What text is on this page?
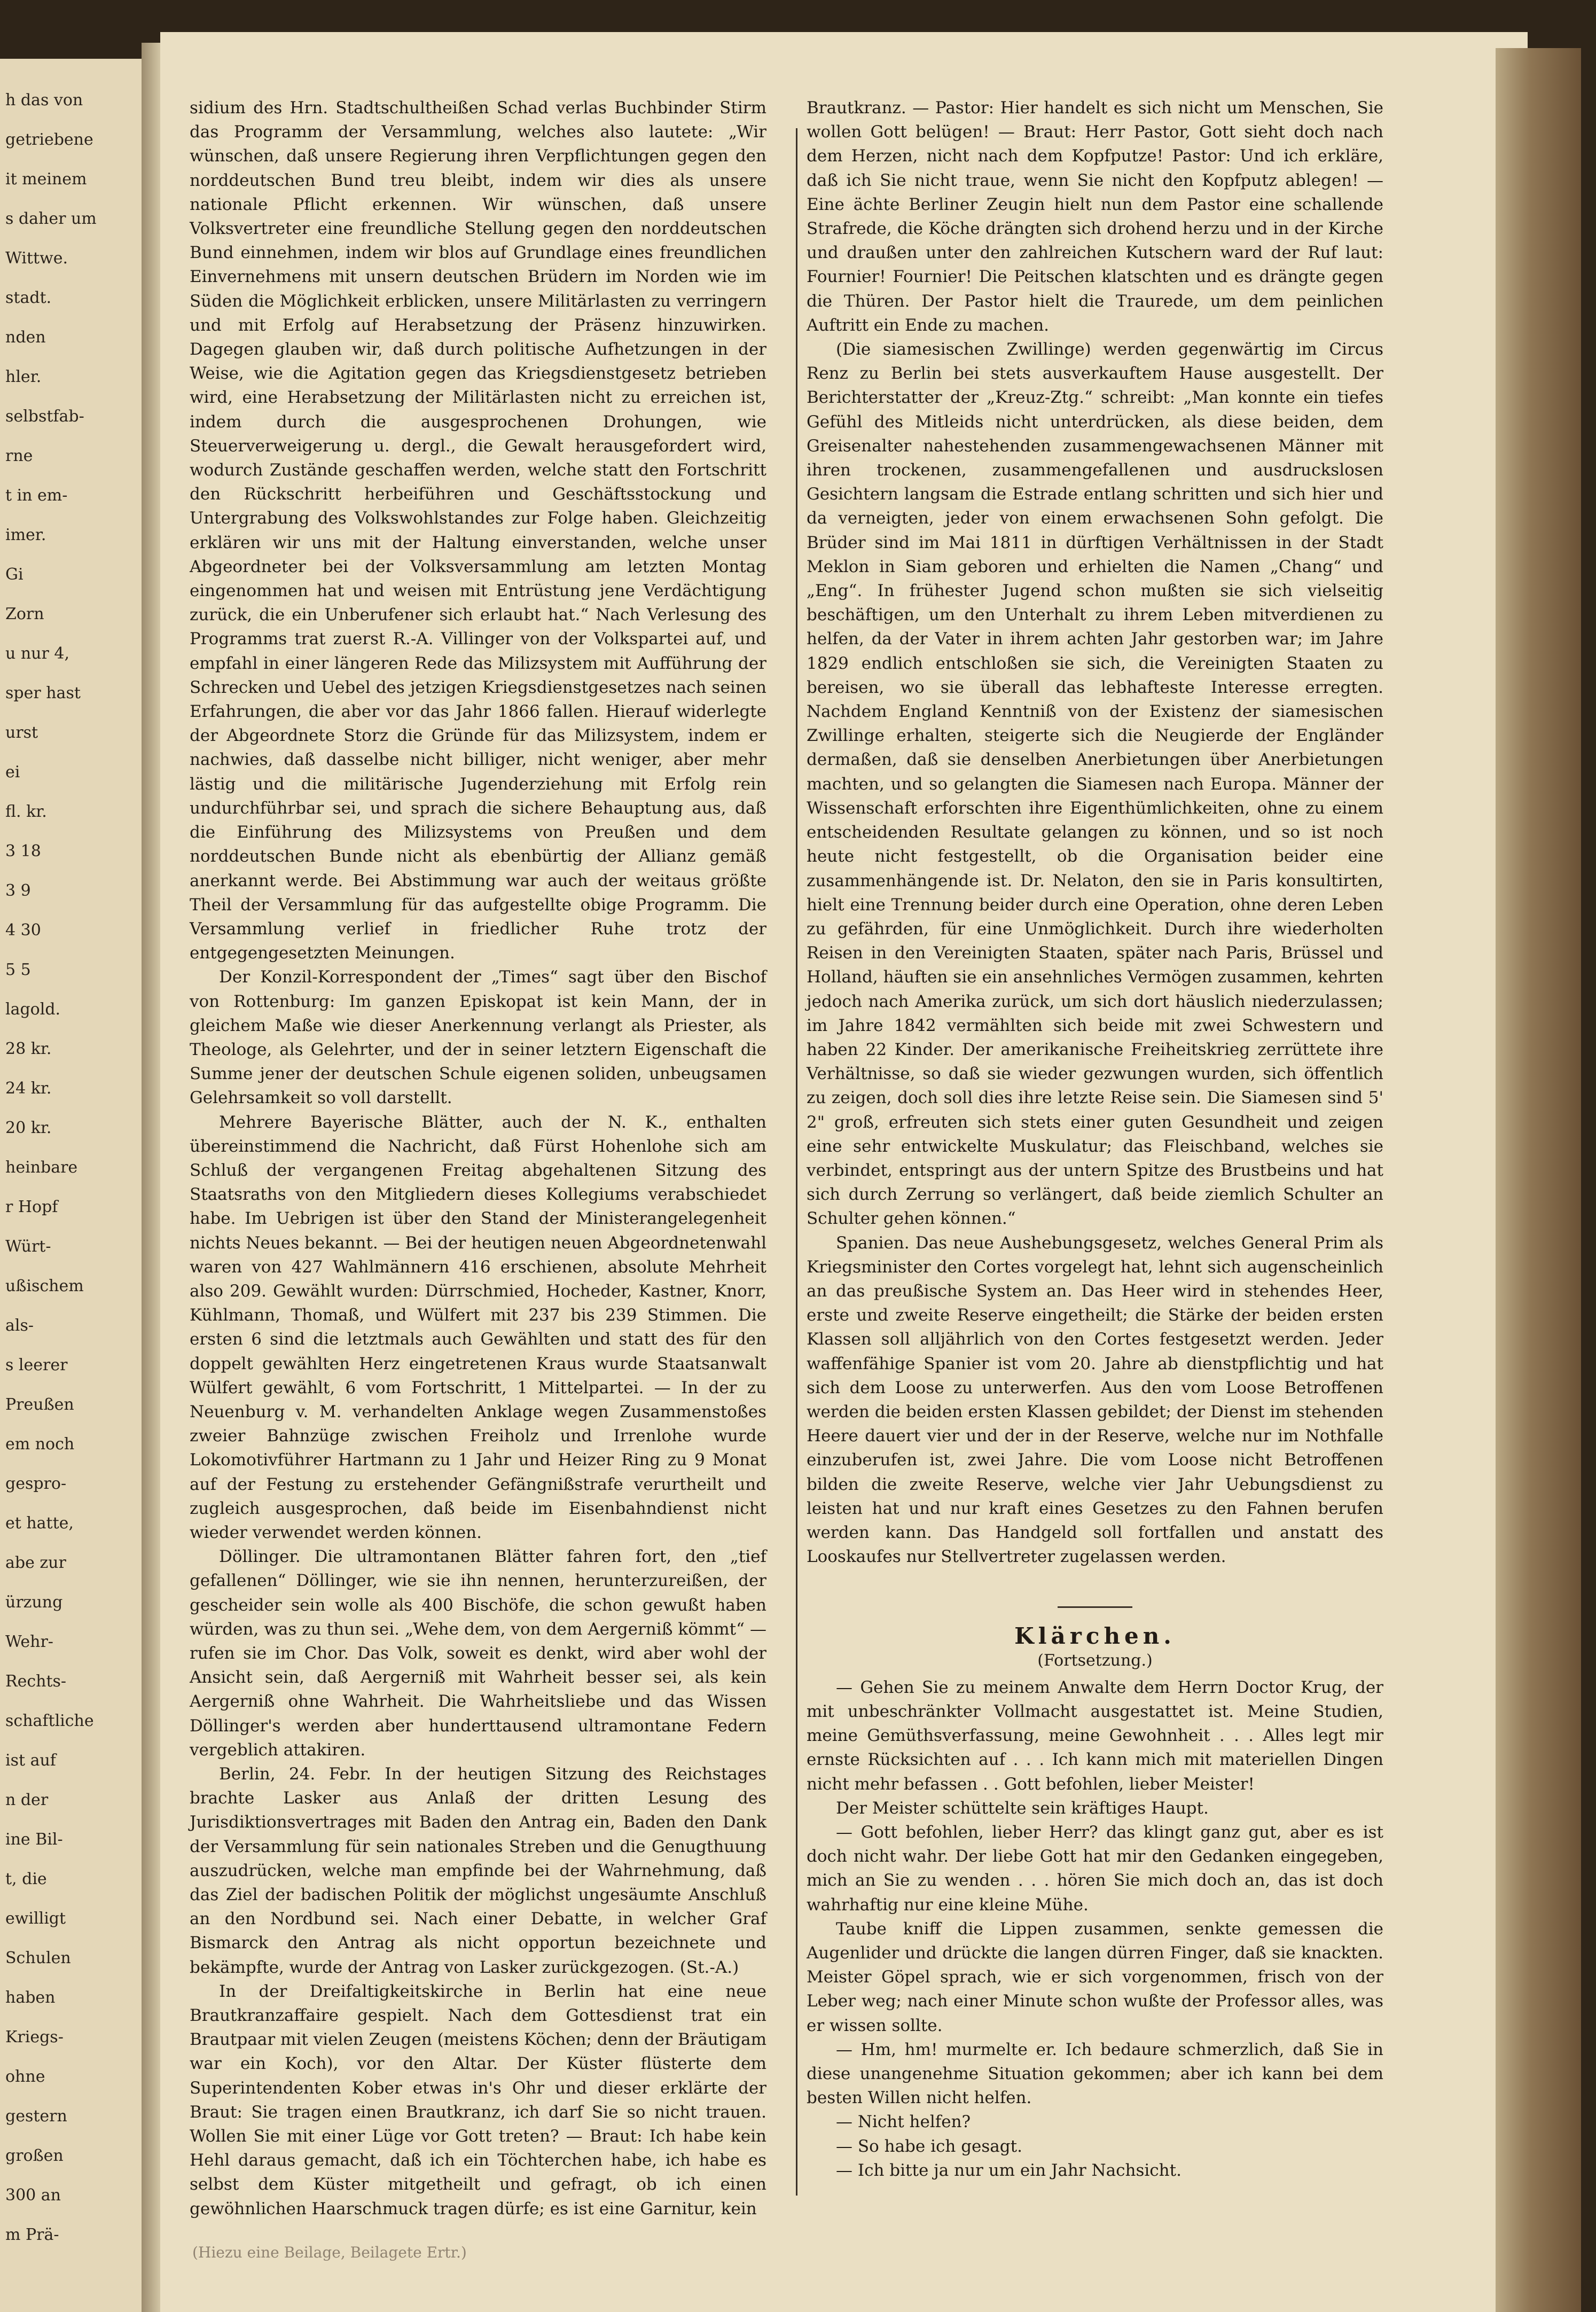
h das von
getriebene
it meinem
s daher um
Wittwe.
stadt.
nden
hler.
selbstfab-
rne
t in em-
imer.
Gi
Zorn
u nur 4,
sper hast
urst
ei
fl. kr.
3 18
3 9
4 30
5 5
lagold.
28 kr.
24 kr.
20 kr.
heinbare
r Hopf
Würt-
ußischem
als-
s leerer
Preußen
em noch
gespro-
et hatte,
abe zur
ürzung
Wehr-
Rechts-
schaftliche
ist auf
n der
ine Bil-
t, die
ewilligt
Schulen
haben
Kriegs-
ohne
gestern
großen
300 an
m Prä-

sidium des Hrn. Stadtschultheißen Schad verlas Buchbinder Stirm das Programm der Versammlung, welches also lautete: „Wir wünschen, daß unsere Regierung ihren Verpflichtungen gegen den norddeutschen Bund treu bleibt, indem wir dies als unsere nationale Pflicht erkennen. Wir wünschen, daß unsere Volksvertreter eine freundliche Stellung gegen den norddeutschen Bund einnehmen, indem wir blos auf Grundlage eines freundlichen Einvernehmens mit unsern deutschen Brüdern im Norden wie im Süden die Möglichkeit erblicken, unsere Militärlasten zu verringern und mit Erfolg auf Herabsetzung der Präsenz hinzuwirken. Dagegen glauben wir, daß durch politische Aufhetzungen in der Weise, wie die Agitation gegen das Kriegsdienstgesetz betrieben wird, eine Herabsetzung der Militärlasten nicht zu erreichen ist, indem durch die ausgesprochenen Drohungen, wie Steuerverweigerung u. dergl., die Gewalt herausgefordert wird, wodurch Zustände geschaffen werden, welche statt den Fortschritt den Rückschritt herbeiführen und Geschäftsstockung und Untergrabung des Volkswohlstandes zur Folge haben. Gleichzeitig erklären wir uns mit der Haltung einverstanden, welche unser Abgeordneter bei der Volksversammlung am letzten Montag eingenommen hat und weisen mit Entrüstung jene Verdächtigung zurück, die ein Unberufener sich erlaubt hat.“ Nach Verlesung des Programms trat zuerst R.-A. Villinger von der Volkspartei auf, und empfahl in einer längeren Rede das Milizsystem mit Aufführung der Schrecken und Uebel des jetzigen Kriegsdienstgesetzes nach seinen Erfahrungen, die aber vor das Jahr 1866 fallen. Hierauf widerlegte der Abgeordnete Storz die Gründe für das Milizsystem, indem er nachwies, daß dasselbe nicht billiger, nicht weniger, aber mehr lästig und die militärische Jugenderziehung mit Erfolg rein undurchführbar sei, und sprach die sichere Behauptung aus, daß die Einführung des Milizsystems von Preußen und dem norddeutschen Bunde nicht als ebenbürtig der Allianz gemäß anerkannt werde. Bei Abstimmung war auch der weitaus größte Theil der Versammlung für das aufgestellte obige Programm. Die Versammlung verlief in friedlicher Ruhe trotz der entgegengesetzten Meinungen.

Der Konzil-Korrespondent der „Times“ sagt über den Bischof von Rottenburg: Im ganzen Episkopat ist kein Mann, der in gleichem Maße wie dieser Anerkennung verlangt als Priester, als Theologe, als Gelehrter, und der in seiner letztern Eigenschaft die Summe jener der deutschen Schule eigenen soliden, unbeugsamen Gelehrsamkeit so voll darstellt.

Mehrere Bayerische Blätter, auch der N. K., enthalten übereinstimmend die Nachricht, daß Fürst Hohenlohe sich am Schluß der vergangenen Freitag abgehaltenen Sitzung des Staatsraths von den Mitgliedern dieses Kollegiums verabschiedet habe. Im Uebrigen ist über den Stand der Ministerangelegenheit nichts Neues bekannt. — Bei der heutigen neuen Abgeordnetenwahl waren von 427 Wahlmännern 416 erschienen, absolute Mehrheit also 209. Gewählt wurden: Dürrschmied, Hocheder, Kastner, Knorr, Kühlmann, Thomaß, und Wülfert mit 237 bis 239 Stimmen. Die ersten 6 sind die letztmals auch Gewählten und statt des für den doppelt gewählten Herz eingetretenen Kraus wurde Staatsanwalt Wülfert gewählt, 6 vom Fortschritt, 1 Mittelpartei. — In der zu Neuenburg v. M. verhandelten Anklage wegen Zusammenstoßes zweier Bahnzüge zwischen Freiholz und Irrenlohe wurde Lokomotivführer Hartmann zu 1 Jahr und Heizer Ring zu 9 Monat auf der Festung zu erstehender Gefängnißstrafe verurtheilt und zugleich ausgesprochen, daß beide im Eisenbahndienst nicht wieder verwendet werden können.

Döllinger. Die ultramontanen Blätter fahren fort, den „tief gefallenen“ Döllinger, wie sie ihn nennen, herunterzureißen, der gescheider sein wolle als 400 Bischöfe, die schon gewußt haben würden, was zu thun sei. „Wehe dem, von dem Aergerniß kömmt“ — rufen sie im Chor. Das Volk, soweit es denkt, wird aber wohl der Ansicht sein, daß Aergerniß mit Wahrheit besser sei, als kein Aergerniß ohne Wahrheit. Die Wahrheitsliebe und das Wissen Döllinger's werden aber hunderttausend ultramontane Federn vergeblich attakiren.

Berlin, 24. Febr. In der heutigen Sitzung des Reichstages brachte Lasker aus Anlaß der dritten Lesung des Jurisdiktionsvertrages mit Baden den Antrag ein, Baden den Dank der Versammlung für sein nationales Streben und die Genugthuung auszudrücken, welche man empfinde bei der Wahrnehmung, daß das Ziel der badischen Politik der möglichst ungesäumte Anschluß an den Nordbund sei. Nach einer Debatte, in welcher Graf Bismarck den Antrag als nicht opportun bezeichnete und bekämpfte, wurde der Antrag von Lasker zurückgezogen. (St.-A.)

In der Dreifaltigkeitskirche in Berlin hat eine neue Brautkranzaffaire gespielt. Nach dem Gottesdienst trat ein Brautpaar mit vielen Zeugen (meistens Köchen; denn der Bräutigam war ein Koch), vor den Altar. Der Küster flüsterte dem Superintendenten Kober etwas in's Ohr und dieser erklärte der Braut: Sie tragen einen Brautkranz, ich darf Sie so nicht trauen. Wollen Sie mit einer Lüge vor Gott treten? — Braut: Ich habe kein Hehl daraus gemacht, daß ich ein Töchterchen habe, ich habe es selbst dem Küster mitgetheilt und gefragt, ob ich einen gewöhnlichen Haarschmuck tragen dürfe; es ist eine Garnitur, kein

Brautkranz. — Pastor: Hier handelt es sich nicht um Menschen, Sie wollen Gott belügen! — Braut: Herr Pastor, Gott sieht doch nach dem Herzen, nicht nach dem Kopfputze! Pastor: Und ich erkläre, daß ich Sie nicht traue, wenn Sie nicht den Kopfputz ablegen! — Eine ächte Berliner Zeugin hielt nun dem Pastor eine schallende Strafrede, die Köche drängten sich drohend herzu und in der Kirche und draußen unter den zahlreichen Kutschern ward der Ruf laut: Fournier! Fournier! Die Peitschen klatschten und es drängte gegen die Thüren. Der Pastor hielt die Traurede, um dem peinlichen Auftritt ein Ende zu machen.

(Die siamesischen Zwillinge) werden gegenwärtig im Circus Renz zu Berlin bei stets ausverkauftem Hause ausgestellt. Der Berichterstatter der „Kreuz-Ztg.“ schreibt: „Man konnte ein tiefes Gefühl des Mitleids nicht unterdrücken, als diese beiden, dem Greisenalter nahestehenden zusammengewachsenen Männer mit ihren trockenen, zusammengefallenen und ausdruckslosen Gesichtern langsam die Estrade entlang schritten und sich hier und da verneigten, jeder von einem erwachsenen Sohn gefolgt. Die Brüder sind im Mai 1811 in dürftigen Verhältnissen in der Stadt Meklon in Siam geboren und erhielten die Namen „Chang“ und „Eng“. In frühester Jugend schon mußten sie sich vielseitig beschäftigen, um den Unterhalt zu ihrem Leben mitverdienen zu helfen, da der Vater in ihrem achten Jahr gestorben war; im Jahre 1829 endlich entschloßen sie sich, die Vereinigten Staaten zu bereisen, wo sie überall das lebhafteste Interesse erregten. Nachdem England Kenntniß von der Existenz der siamesischen Zwillinge erhalten, steigerte sich die Neugierde der Engländer dermaßen, daß sie denselben Anerbietungen über Anerbietungen machten, und so gelangten die Siamesen nach Europa. Männer der Wissenschaft erforschten ihre Eigenthümlichkeiten, ohne zu einem entscheidenden Resultate gelangen zu können, und so ist noch heute nicht festgestellt, ob die Organisation beider eine zusammenhängende ist. Dr. Nelaton, den sie in Paris konsultirten, hielt eine Trennung beider durch eine Operation, ohne deren Leben zu gefährden, für eine Unmöglichkeit. Durch ihre wiederholten Reisen in den Vereinigten Staaten, später nach Paris, Brüssel und Holland, häuften sie ein ansehnliches Vermögen zusammen, kehrten jedoch nach Amerika zurück, um sich dort häuslich niederzulassen; im Jahre 1842 vermählten sich beide mit zwei Schwestern und haben 22 Kinder. Der amerikanische Freiheitskrieg zerrüttete ihre Verhältnisse, so daß sie wieder gezwungen wurden, sich öffentlich zu zeigen, doch soll dies ihre letzte Reise sein. Die Siamesen sind 5' 2" groß, erfreuten sich stets einer guten Gesundheit und zeigen eine sehr entwickelte Muskulatur; das Fleischband, welches sie verbindet, entspringt aus der untern Spitze des Brustbeins und hat sich durch Zerrung so verlängert, daß beide ziemlich Schulter an Schulter gehen können.“

Spanien. Das neue Aushebungsgesetz, welches General Prim als Kriegsminister den Cortes vorgelegt hat, lehnt sich augenscheinlich an das preußische System an. Das Heer wird in stehendes Heer, erste und zweite Reserve eingetheilt; die Stärke der beiden ersten Klassen soll alljährlich von den Cortes festgesetzt werden. Jeder waffenfähige Spanier ist vom 20. Jahre ab dienstpflichtig und hat sich dem Loose zu unterwerfen. Aus den vom Loose Betroffenen werden die beiden ersten Klassen gebildet; der Dienst im stehenden Heere dauert vier und der in der Reserve, welche nur im Nothfalle einzuberufen ist, zwei Jahre. Die vom Loose nicht Betroffenen bilden die zweite Reserve, welche vier Jahr Uebungsdienst zu leisten hat und nur kraft eines Gesetzes zu den Fahnen berufen werden kann. Das Handgeld soll fortfallen und anstatt des Looskaufes nur Stellvertreter zugelassen werden.

Klärchen.
(Fortsetzung.)

— Gehen Sie zu meinem Anwalte dem Herrn Doctor Krug, der mit unbeschränkter Vollmacht ausgestattet ist. Meine Studien, meine Gemüthsverfassung, meine Gewohnheit . . . Alles legt mir ernste Rücksichten auf . . . Ich kann mich mit materiellen Dingen nicht mehr befassen . . Gott befohlen, lieber Meister!

Der Meister schüttelte sein kräftiges Haupt.

— Gott befohlen, lieber Herr? das klingt ganz gut, aber es ist doch nicht wahr. Der liebe Gott hat mir den Gedanken eingegeben, mich an Sie zu wenden . . . hören Sie mich doch an, das ist doch wahrhaftig nur eine kleine Mühe.

Taube kniff die Lippen zusammen, senkte gemessen die Augenlider und drückte die langen dürren Finger, daß sie knackten. Meister Göpel sprach, wie er sich vorgenommen, frisch von der Leber weg; nach einer Minute schon wußte der Professor alles, was er wissen sollte.

— Hm, hm! murmelte er. Ich bedaure schmerzlich, daß Sie in diese unangenehme Situation gekommen; aber ich kann bei dem besten Willen nicht helfen.

— Nicht helfen?

— So habe ich gesagt.

— Ich bitte ja nur um ein Jahr Nachsicht.

(Hiezu eine Beilage, Beilagete Ertr.)
